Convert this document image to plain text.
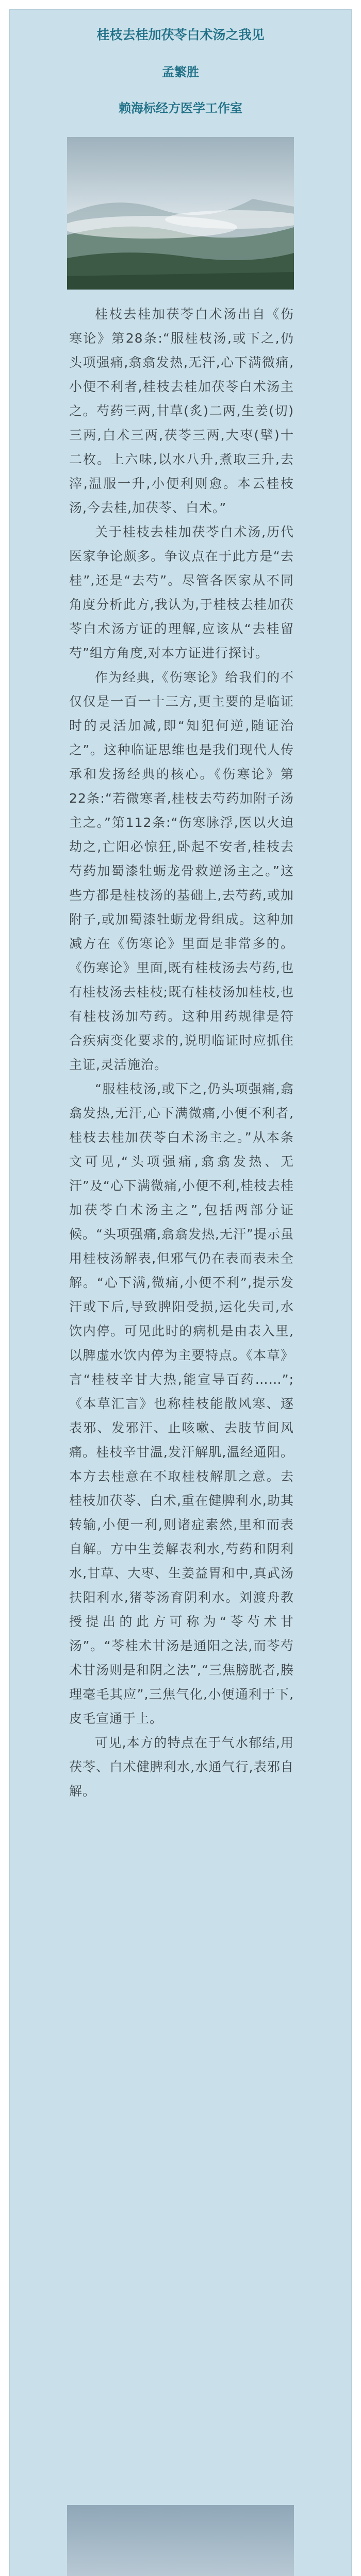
桂枝去桂加茯苓白术汤之我见
孟繁胜
赖海标经方医学工作室

桂枝去桂加茯苓白术汤出自《伤寒论》第28条:“服桂枝汤,或下之,仍头项强痛,翕翕发热,无汗,心下满微痛,小便不利者,桂枝去桂加茯苓白术汤主之。芍药三两,甘草(炙)二两,生姜(切)三两,白术三两,茯苓三两,大枣(擘)十二枚。上六味,以水八升,煮取三升,去滓,温服一升,小便利则愈。本云桂枝汤,今去桂,加茯苓、白术。”

关于桂枝去桂加茯苓白术汤,历代医家争论颇多。争议点在于此方是“去桂”,还是“去芍”。尽管各医家从不同角度分析此方,我认为,于桂枝去桂加茯苓白术汤方证的理解,应该从“去桂留芍”组方角度,对本方证进行探讨。

作为经典,《伤寒论》给我们的不仅仅是一百一十三方,更主要的是临证时的灵活加减,即“知犯何逆,随证治之”。这种临证思维也是我们现代人传承和发扬经典的核心。《伤寒论》第22条:“若微寒者,桂枝去芍药加附子汤主之。”第112条:“伤寒脉浮,医以火迫劫之,亡阳必惊狂,卧起不安者,桂枝去芍药加蜀漆牡蛎龙骨救逆汤主之。”这些方都是桂枝汤的基础上,去芍药,或加附子,或加蜀漆牡蛎龙骨组成。这种加减方在《伤寒论》里面是非常多的。《伤寒论》里面,既有桂枝汤去芍药,也有桂枝汤去桂枝;既有桂枝汤加桂枝,也有桂枝汤加芍药。这种用药规律是符合疾病变化要求的,说明临证时应抓住主证,灵活施治。

“服桂枝汤,或下之,仍头项强痛,翕翕发热,无汗,心下满微痛,小便不利者,桂枝去桂加茯苓白术汤主之。”从本条文可见,“头项强痛,翕翕发热、无汗”及“心下满微痛,小便不利,桂枝去桂加茯苓白术汤主之”,包括两部分证候。“头项强痛,翕翕发热,无汗”提示虽用桂枝汤解表,但邪气仍在表而表未全解。“心下满,微痛,小便不利”,提示发汗或下后,导致脾阳受损,运化失司,水饮内停。可见此时的病机是由表入里,以脾虚水饮内停为主要特点。《本草》言“桂枝辛甘大热,能宣导百药……”;《本草汇言》也称桂枝能散风寒、逐表邪、发邪汗、止咳嗽、去肢节间风痛。桂枝辛甘温,发汗解肌,温经通阳。本方去桂意在不取桂枝解肌之意。去桂枝加茯苓、白术,重在健脾利水,助其转输,小便一利,则诸症素然,里和而表自解。方中生姜解表利水,芍药和阴利水,甘草、大枣、生姜益胃和中,真武汤扶阳利水,猪苓汤育阴利水。刘渡舟教授提出的此方可称为“苓芍术甘汤”。“苓桂术甘汤是通阳之法,而苓芍术甘汤则是和阴之法”,“三焦膀胱者,腠理毫毛其应”,三焦气化,小便通利于下,皮毛宣通于上。

可见,本方的特点在于气水郁结,用茯苓、白术健脾利水,水通气行,表邪自解。
